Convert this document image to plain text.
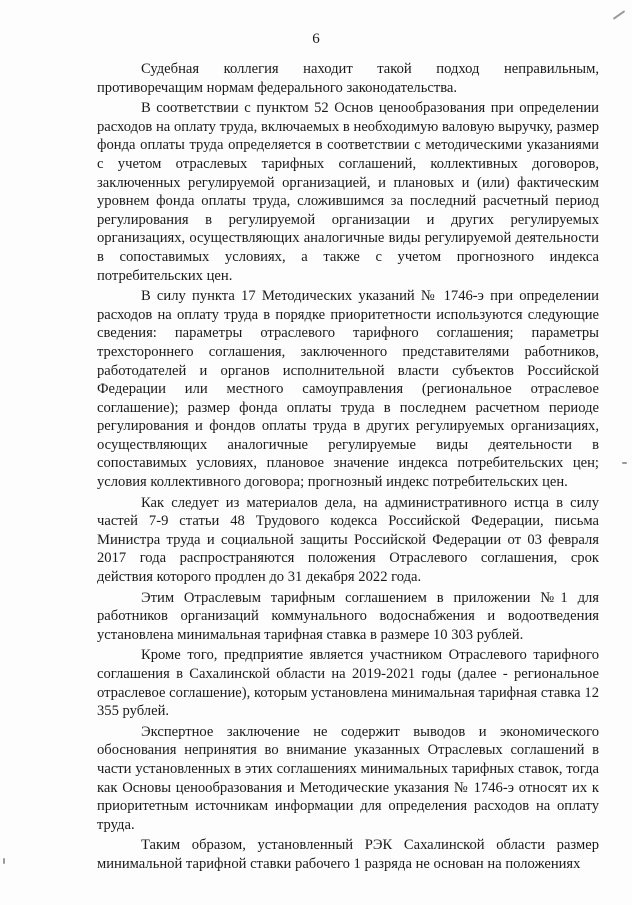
6

Судебная коллегия находит такой подход неправильным, противоречащим нормам федерального законодательства.

В соответствии с пунктом 52 Основ ценообразования при определении расходов на оплату труда, включаемых в необходимую валовую выручку, размер фонда оплаты труда определяется в соответствии с методическими указаниями с учетом отраслевых тарифных соглашений, коллективных договоров, заключенных регулируемой организацией, и плановых и (или) фактическим уровнем фонда оплаты труда, сложившимся за последний расчетный период регулирования в регулируемой организации и других регулируемых организациях, осуществляющих аналогичные виды регулируемой деятельности в сопоставимых условиях, а также с учетом прогнозного индекса потребительских цен.

В силу пункта 17 Методических указаний № 1746-э при определении расходов на оплату труда в порядке приоритетности используются следующие сведения: параметры отраслевого тарифного соглашения; параметры трехстороннего соглашения, заключенного представителями работников, работодателей и органов исполнительной власти субъектов Российской Федерации или местного самоуправления (региональное отраслевое соглашение); размер фонда оплаты труда в последнем расчетном периоде регулирования и фондов оплаты труда в других регулируемых организациях, осуществляющих аналогичные регулируемые виды деятельности в сопоставимых условиях, плановое значение индекса потребительских цен; условия коллективного договора; прогнозный индекс потребительских цен.

Как следует из материалов дела, на административного истца в силу частей 7-9 статьи 48 Трудового кодекса Российской Федерации, письма Министра труда и социальной защиты Российской Федерации от 03 февраля 2017 года распространяются положения Отраслевого соглашения, срок действия которого продлен до 31 декабря 2022 года.

Этим Отраслевым тарифным соглашением в приложении №1 для работников организаций коммунального водоснабжения и водоотведения установлена минимальная тарифная ставка в размере 10 303 рублей.

Кроме того, предприятие является участником Отраслевого тарифного соглашения в Сахалинской области на 2019-2021 годы (далее - региональное отраслевое соглашение), которым установлена минимальная тарифная ставка 12 355 рублей.

Экспертное заключение не содержит выводов и экономического обоснования непринятия во внимание указанных Отраслевых соглашений в части установленных в этих соглашениях минимальных тарифных ставок, тогда как Основы ценообразования и Методические указания № 1746-э относят их к приоритетным источникам информации для определения расходов на оплату труда.

Таким образом, установленный РЭК Сахалинской области размер минимальной тарифной ставки рабочего 1 разряда не основан на положениях
